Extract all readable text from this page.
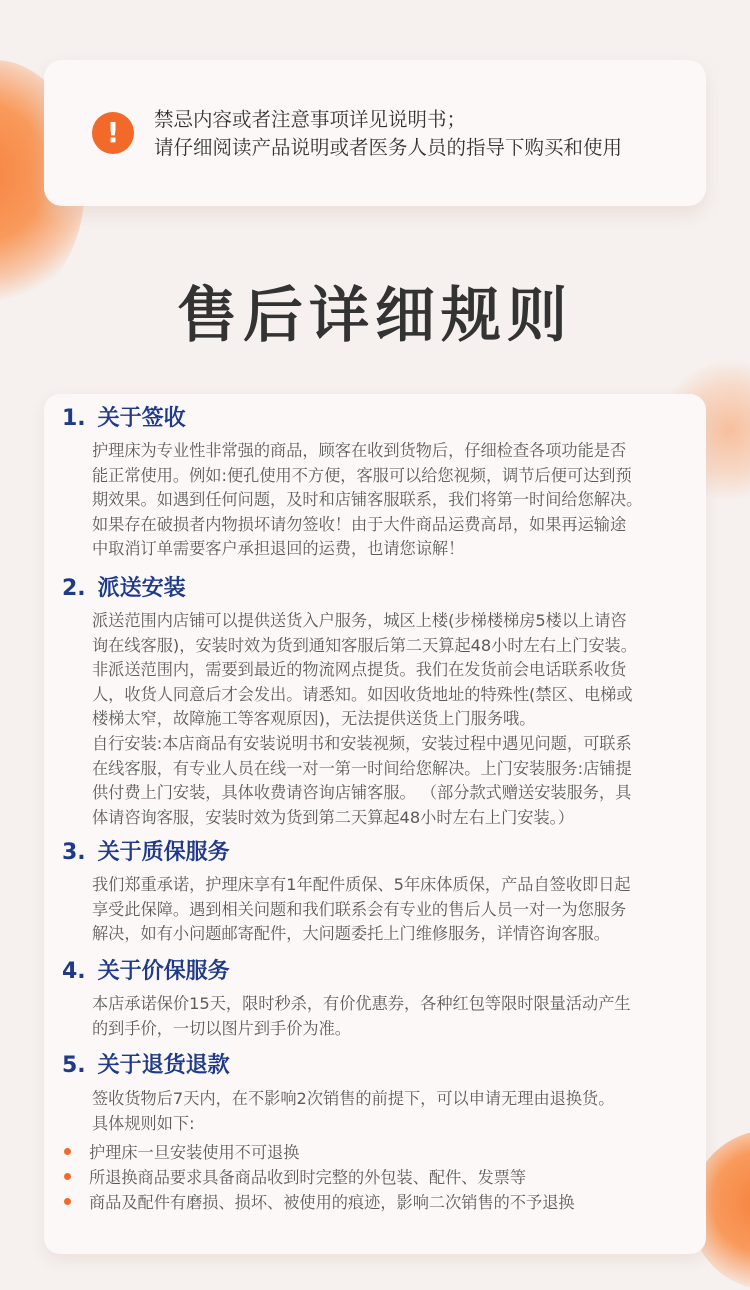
!	禁忌内容或者注意事项详见说明书；
请仔细阅读产品说明或者医务人员的指导下购买和使用
售后详细规则
1. 关于签收
护理床为专业性非常强的商品，顾客在收到货物后，仔细检查各项功能是否
能正常使用。例如:便孔使用不方便，客服可以给您视频，调节后便可达到预
期效果。如遇到任何问题，及时和店铺客服联系，我们将第一时间给您解决。
如果存在破损者内物损坏请勿签收！由于大件商品运费高昂，如果再运输途
中取消订单需要客户承担退回的运费，也请您谅解！
2. 派送安装
派送范围内店铺可以提供送货入户服务，城区上楼(步梯楼梯房5楼以上请咨
询在线客服)，安装时效为货到通知客服后第二天算起48小时左右上门安装。
非派送范围内，需要到最近的物流网点提货。我们在发货前会电话联系收货
人，收货人同意后才会发出。请悉知。如因收货地址的特殊性(禁区、电梯或
楼梯太窄，故障施工等客观原因)，无法提供送货上门服务哦。
自行安装:本店商品有安装说明书和安装视频，安装过程中遇见问题，可联系
在线客服，有专业人员在线一对一第一时间给您解决。上门安装服务:店铺提
供付费上门安装，具体收费请咨询店铺客服。 （部分款式赠送安装服务，具
体请咨询客服，安装时效为货到第二天算起48小时左右上门安装。）
3. 关于质保服务
我们郑重承诺，护理床享有1年配件质保、5年床体质保，产品自签收即日起
享受此保障。遇到相关问题和我们联系会有专业的售后人员一对一为您服务
解决，如有小问题邮寄配件，大问题委托上门维修服务，详情咨询客服。
4. 关于价保服务
本店承诺保价15天，限时秒杀，有价优惠券，各种红包等限时限量活动产生
的到手价，一切以图片到手价为准。
5. 关于退货退款
签收货物后7天内，在不影响2次销售的前提下，可以申请无理由退换货。
具体规则如下:
护理床一旦安装使用不可退换
所退换商品要求具备商品收到时完整的外包装、配件、发票等
商品及配件有磨损、损坏、被使用的痕迹，影响二次销售的不予退换
